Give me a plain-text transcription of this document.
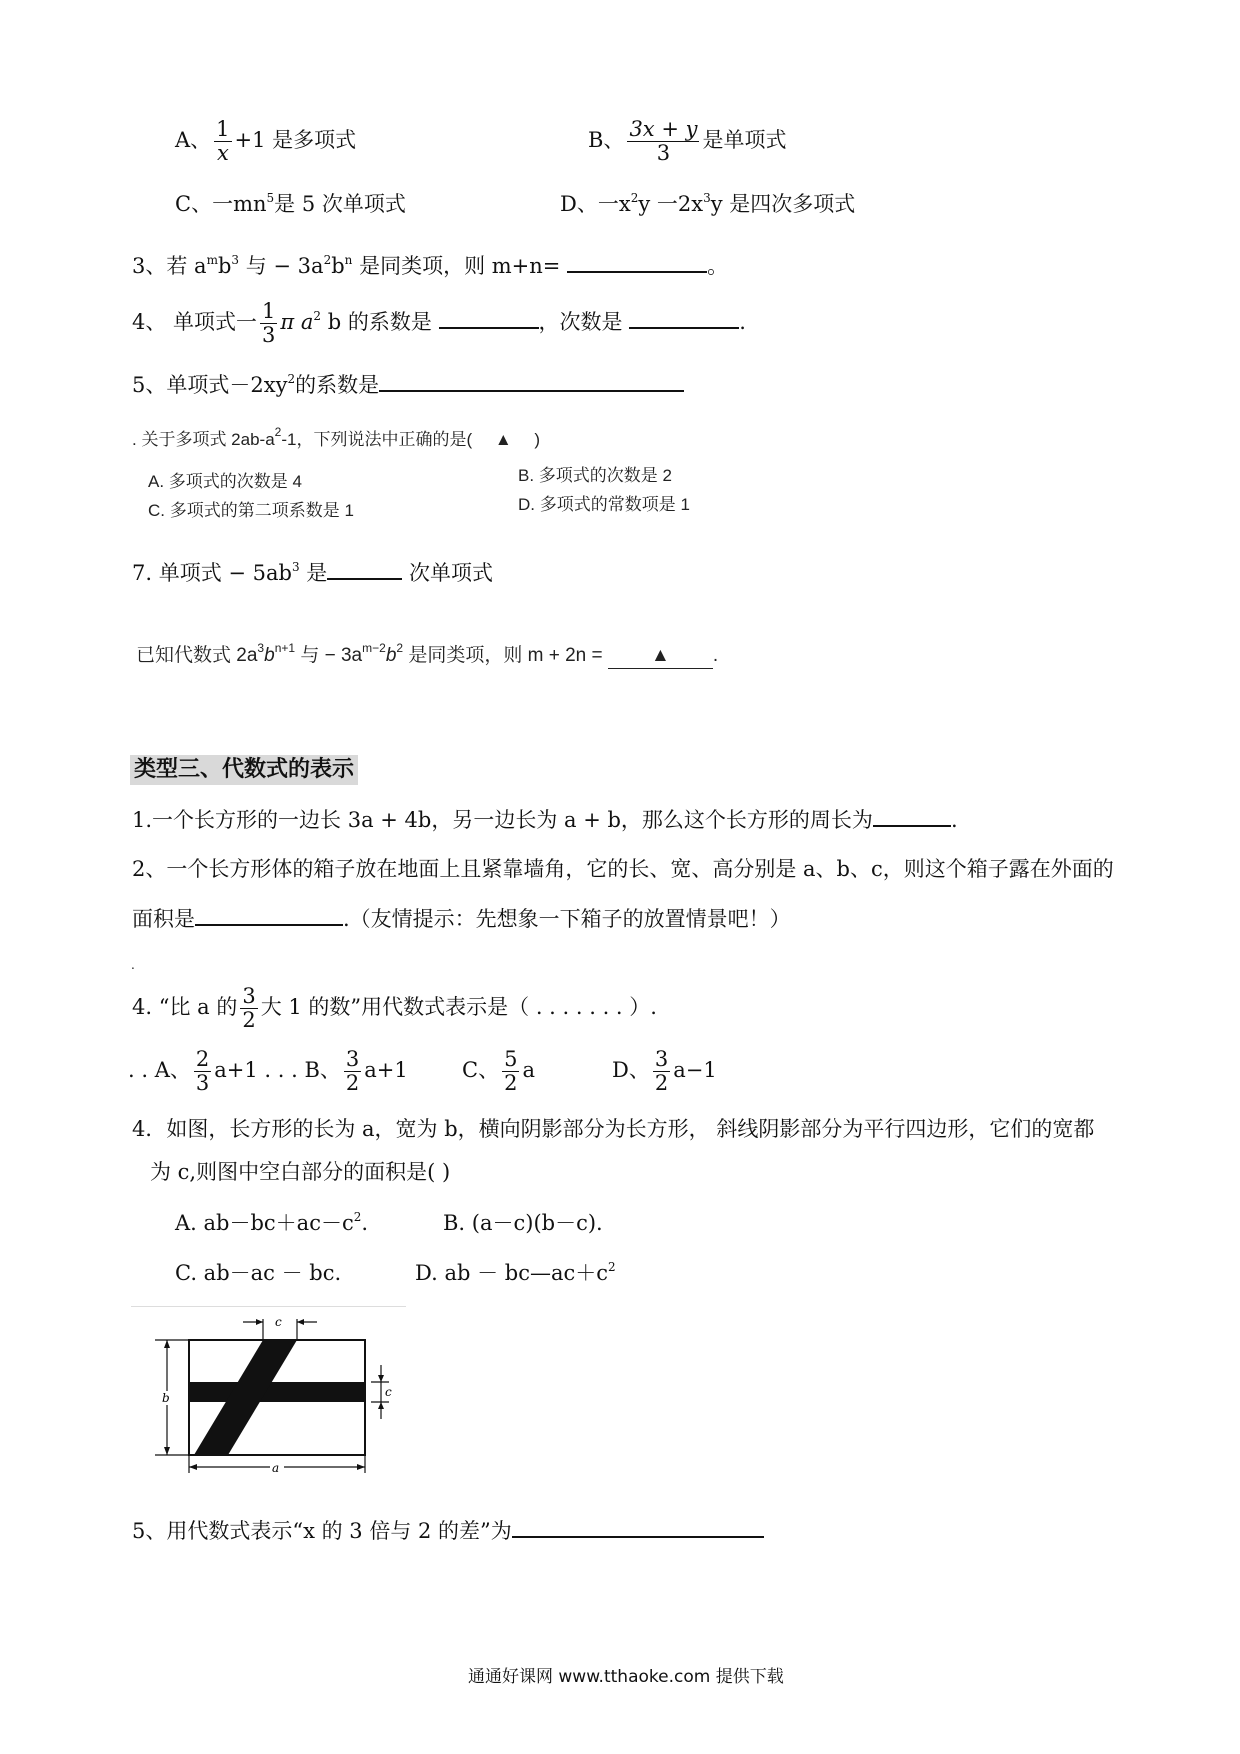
A、 $\frac{1}{x} +1$ 是多项式	B、 $\frac{3x + y}{3}$ 是单项式
C、一$mn^5$是 5 次单项式	D、一$x^2y$ 一$2x^3y$ 是四次多项式
3、若 $a^mb^3$ 与 − $3a^2b^n$ 是同类项，则 m+n=	。
4、 单项式一 $\frac{1}{3}$ π $a^2$ b 的系数是	，次数是	.
5、单项式$-2xy^2$的系数是
. 关于多项式 $2ab-a^2-1$，下列说法中正确的是( ▲ )
A. 多项式的次数是 4	B. 多项式的次数是 2
C. 多项式的第二项系数是 1	D. 多项式的常数项是 1
7. 单项式 − $5ab^3$ 是	次单项式
已知代数式 $2a^3b^{n+1}$ 与 − $3a^{m-2}b^2$ 是同类项，则 m + 2n =	▲ .
类型三、代数式的表示
1.一个长方形的一边长 3a + 4b，另一边长为 a + b，那么这个长方形的周长为	.
2、一个长方形体的箱子放在地面上且紧靠墙角，它的长、宽、高分别是 a、b、c，则这个箱子露在外面的
面积是	.（友情提示：先想象一下箱子的放置情景吧！）
.
4. “比 a 的 $\frac{3}{2}$ 大 1 的数”用代数式表示是（ . . . . . . . ）.
. . A、 $\frac{2}{3} a+1$ . . . B、 $\frac{3}{2} a+1$	C、 $\frac{5}{2}$ a	D、 $\frac{3}{2} a-1$
4．如图，长方形的长为 a，宽为 b，横向阴影部分为长方形， 斜线阴影部分为平行四边形，它们的宽都
为 c,则图中空白部分的面积是( )
A. $ab-bc+ac-c^2$.	B. (a－c)(b－c).
C. ab－ac － bc.	D. ab － $bc—ac+c^2$
a
b
c
c
5、用代数式表示“x 的 3 倍与 2 的差”为
通通好课网 www.tthaoke.com 提供下载
